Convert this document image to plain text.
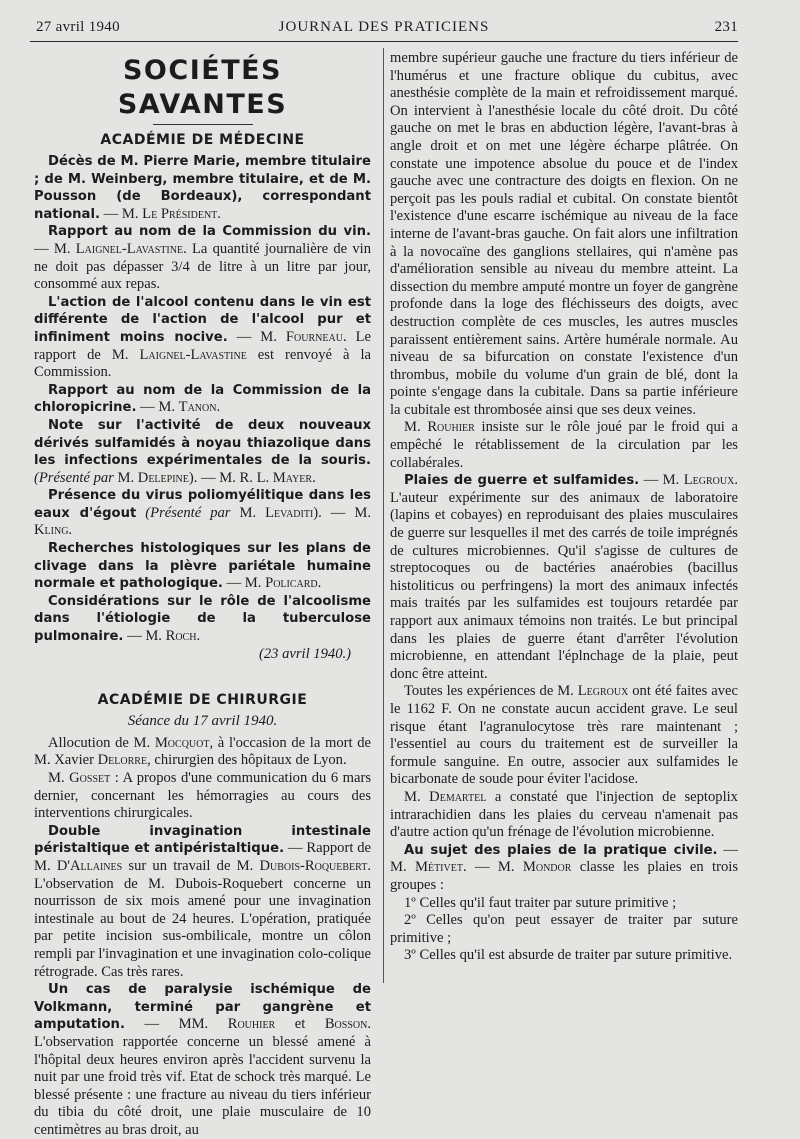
27 avril 1940	JOURNAL DES PRATICIENS	231
SOCIÉTÉS SAVANTES
ACADÉMIE DE MÉDECINE

Décès de M. Pierre Marie, membre titulaire ; de M. Weinberg, membre titulaire, et de M. Pousson (de Bordeaux), correspondant national. — M. Le Président.

Rapport au nom de la Commission du vin. — M. Laignel-Lavastine. La quantité journalière de vin ne doit pas dépasser 3/4 de litre à un litre par jour, consommé aux repas.

L'action de l'alcool contenu dans le vin est différente de l'action de l'alcool pur et infiniment moins nocive. — M. Fourneau. Le rapport de M. Laignel-Lavastine est renvoyé à la Commission.

Rapport au nom de la Commission de la chloropicrine. — M. Tanon.

Note sur l'activité de deux nouveaux dérivés sulfamidés à noyau thiazolique dans les infections expérimentales de la souris. (Présenté par M. Delepine). — M. R. L. Mayer.

Présence du virus poliomyélitique dans les eaux d'égout (Présenté par M. Levaditi). — M. Kling.

Recherches histologiques sur les plans de clivage dans la plèvre pariétale humaine normale et pathologique. — M. Policard.

Considérations sur le rôle de l'alcoolisme dans l'étiologie de la tuberculose pulmonaire. — M. Roch.

(23 avril 1940.)

ACADÉMIE DE CHIRURGIE
Séance du 17 avril 1940.

Allocution de M. Mocquot, à l'occasion de la mort de M. Xavier Delorre, chirurgien des hôpitaux de Lyon.

M. Gosset : A propos d'une communication du 6 mars dernier, concernant les hémorragies au cours des interventions chirurgicales.

Double invagination intestinale péristaltique et antipéristaltique. — Rapport de M. D'Allaines sur un travail de M. Dubois-Roquebert. L'observation de M. Dubois-Roquebert concerne un nourrisson de six mois amené pour une invagination intestinale au bout de 24 heures. L'opération, pratiquée par petite incision sus-ombilicale, montre un côlon rempli par l'invagination et une invagination colo-colique rétrograde. Cas très rares.

Un cas de paralysie ischémique de Volkmann, terminé par gangrène et amputation. — MM. Rouhier et Bosson. L'observation rapportée concerne un blessé amené à l'hôpital deux heures environ après l'accident survenu la nuit par une froid très vif. Etat de schock très marqué. Le blessé présente : une fracture au niveau du tiers inférieur du tibia du côté droit, une plaie musculaire de 10 centimètres au bras droit, au

membre supérieur gauche une fracture du tiers inférieur de l'humérus et une fracture oblique du cubitus, avec anesthésie complète de la main et refroidissement marqué. On intervient à l'anesthésie locale du côté droit. Du côté gauche on met le bras en abduction légère, l'avant-bras à angle droit et on met une légère écharpe plâtrée. On constate une impotence absolue du pouce et de l'index gauche avec une contracture des doigts en flexion. On ne perçoit pas les pouls radial et cubital. On constate bientôt l'existence d'une escarre ischémique au niveau de la face interne de l'avant-bras gauche. On fait alors une infiltration à la novocaïne des ganglions stellaires, qui n'amène pas d'amélioration sensible au niveau du membre atteint. La dissection du membre amputé montre un foyer de gangrène profonde dans la loge des fléchisseurs des doigts, avec destruction complète de ces muscles, les autres muscles paraissent entièrement sains. Artère humérale normale. Au niveau de sa bifurcation on constate l'existence d'un thrombus, mobile du volume d'un grain de blé, dont la pointe s'engage dans la cubitale. Dans sa partie inférieure la cubitale est thrombosée ainsi que ses deux veines.

M. Rouhier insiste sur le rôle joué par le froid qui a empêché le rétablissement de la circulation par les collabérales.

Plaies de guerre et sulfamides. — M. Legroux. L'auteur expérimente sur des animaux de laboratoire (lapins et cobayes) en reproduisant des plaies musculaires de guerre sur lesquelles il met des carrés de toile imprégnés de cultures microbiennes. Qu'il s'agisse de cultures de streptocoques ou de bactéries anaérobies (bacillus histoliticus ou perfringens) la mort des animaux infectés mais traités par les sulfamides est toujours retardée par rapport aux animaux témoins non traités. Le but principal dans les plaies de guerre étant d'arrêter l'évolution microbienne, en attendant l'éplnchage de la plaie, peut donc être atteint.

Toutes les expériences de M. Legroux ont été faites avec le 1162 F. On ne constate aucun accident grave. Le seul risque étant l'agranulocytose très rare maintenant ; l'essentiel au cours du traitement est de surveiller la formule sanguine. En outre, associer aux sulfamides le bicarbonate de soude pour éviter l'acidose.

M. Demartel a constaté que l'injection de septoplix intrarachidien dans les plaies du cerveau n'amenait pas d'autre action qu'un frénage de l'évolution microbienne.

Au sujet des plaies de la pratique civile. — M. Métivet. — M. Mondor classe les plaies en trois groupes :

1º Celles qu'il faut traiter par suture primitive ;

2º Celles qu'on peut essayer de traiter par suture primitive ;

3º Celles qu'il est absurde de traiter par suture primitive.
